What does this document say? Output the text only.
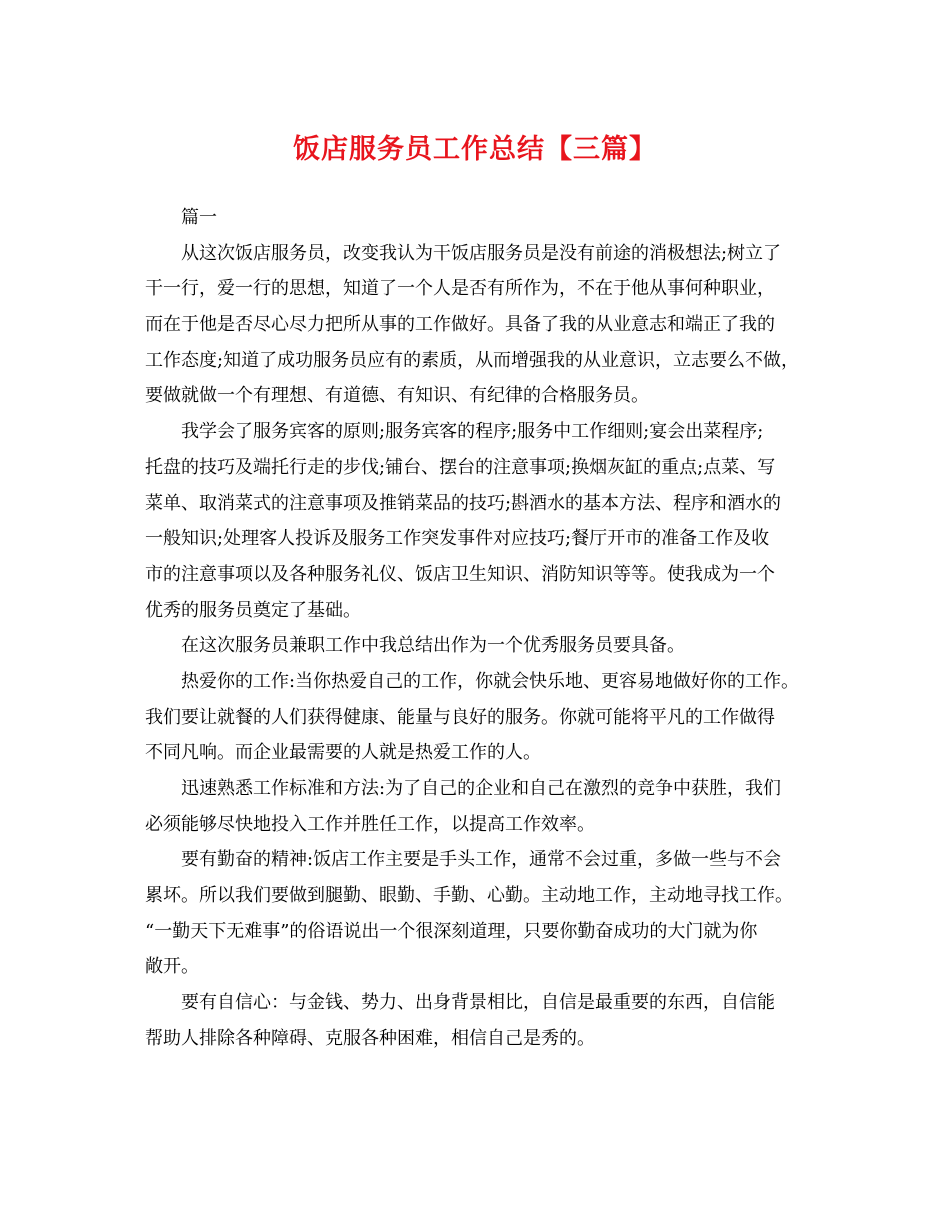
饭店服务员工作总结【三篇】
篇一
从这次饭店服务员，改变我认为干饭店服务员是没有前途的消极想法;树立了
干一行，爱一行的思想，知道了一个人是否有所作为，不在于他从事何种职业，
而在于他是否尽心尽力把所从事的工作做好。具备了我的从业意志和端正了我的
工作态度;知道了成功服务员应有的素质，从而增强我的从业意识，立志要么不做，
要做就做一个有理想、有道德、有知识、有纪律的合格服务员。
我学会了服务宾客的原则;服务宾客的程序;服务中工作细则;宴会出菜程序;
托盘的技巧及端托行走的步伐;铺台、摆台的注意事项;换烟灰缸的重点;点菜、写
菜单、取消菜式的注意事项及推销菜品的技巧;斟酒水的基本方法、程序和酒水的
一般知识;处理客人投诉及服务工作突发事件对应技巧;餐厅开市的准备工作及收
市的注意事项以及各种服务礼仪、饭店卫生知识、消防知识等等。使我成为一个
优秀的服务员奠定了基础。
在这次服务员兼职工作中我总结出作为一个优秀服务员要具备。
热爱你的工作:当你热爱自己的工作，你就会快乐地、更容易地做好你的工作。
我们要让就餐的人们获得健康、能量与良好的服务。你就可能将平凡的工作做得
不同凡响。而企业最需要的人就是热爱工作的人。
迅速熟悉工作标准和方法:为了自己的企业和自己在激烈的竞争中获胜，我们
必须能够尽快地投入工作并胜任工作，以提高工作效率。
要有勤奋的精神:饭店工作主要是手头工作，通常不会过重，多做一些与不会
累坏。所以我们要做到腿勤、眼勤、手勤、心勤。主动地工作，主动地寻找工作。
“一勤天下无难事”的俗语说出一个很深刻道理，只要你勤奋成功的大门就为你
敞开。
要有自信心：与金钱、势力、出身背景相比，自信是最重要的东西，自信能
帮助人排除各种障碍、克服各种困难，相信自己是秀的。
